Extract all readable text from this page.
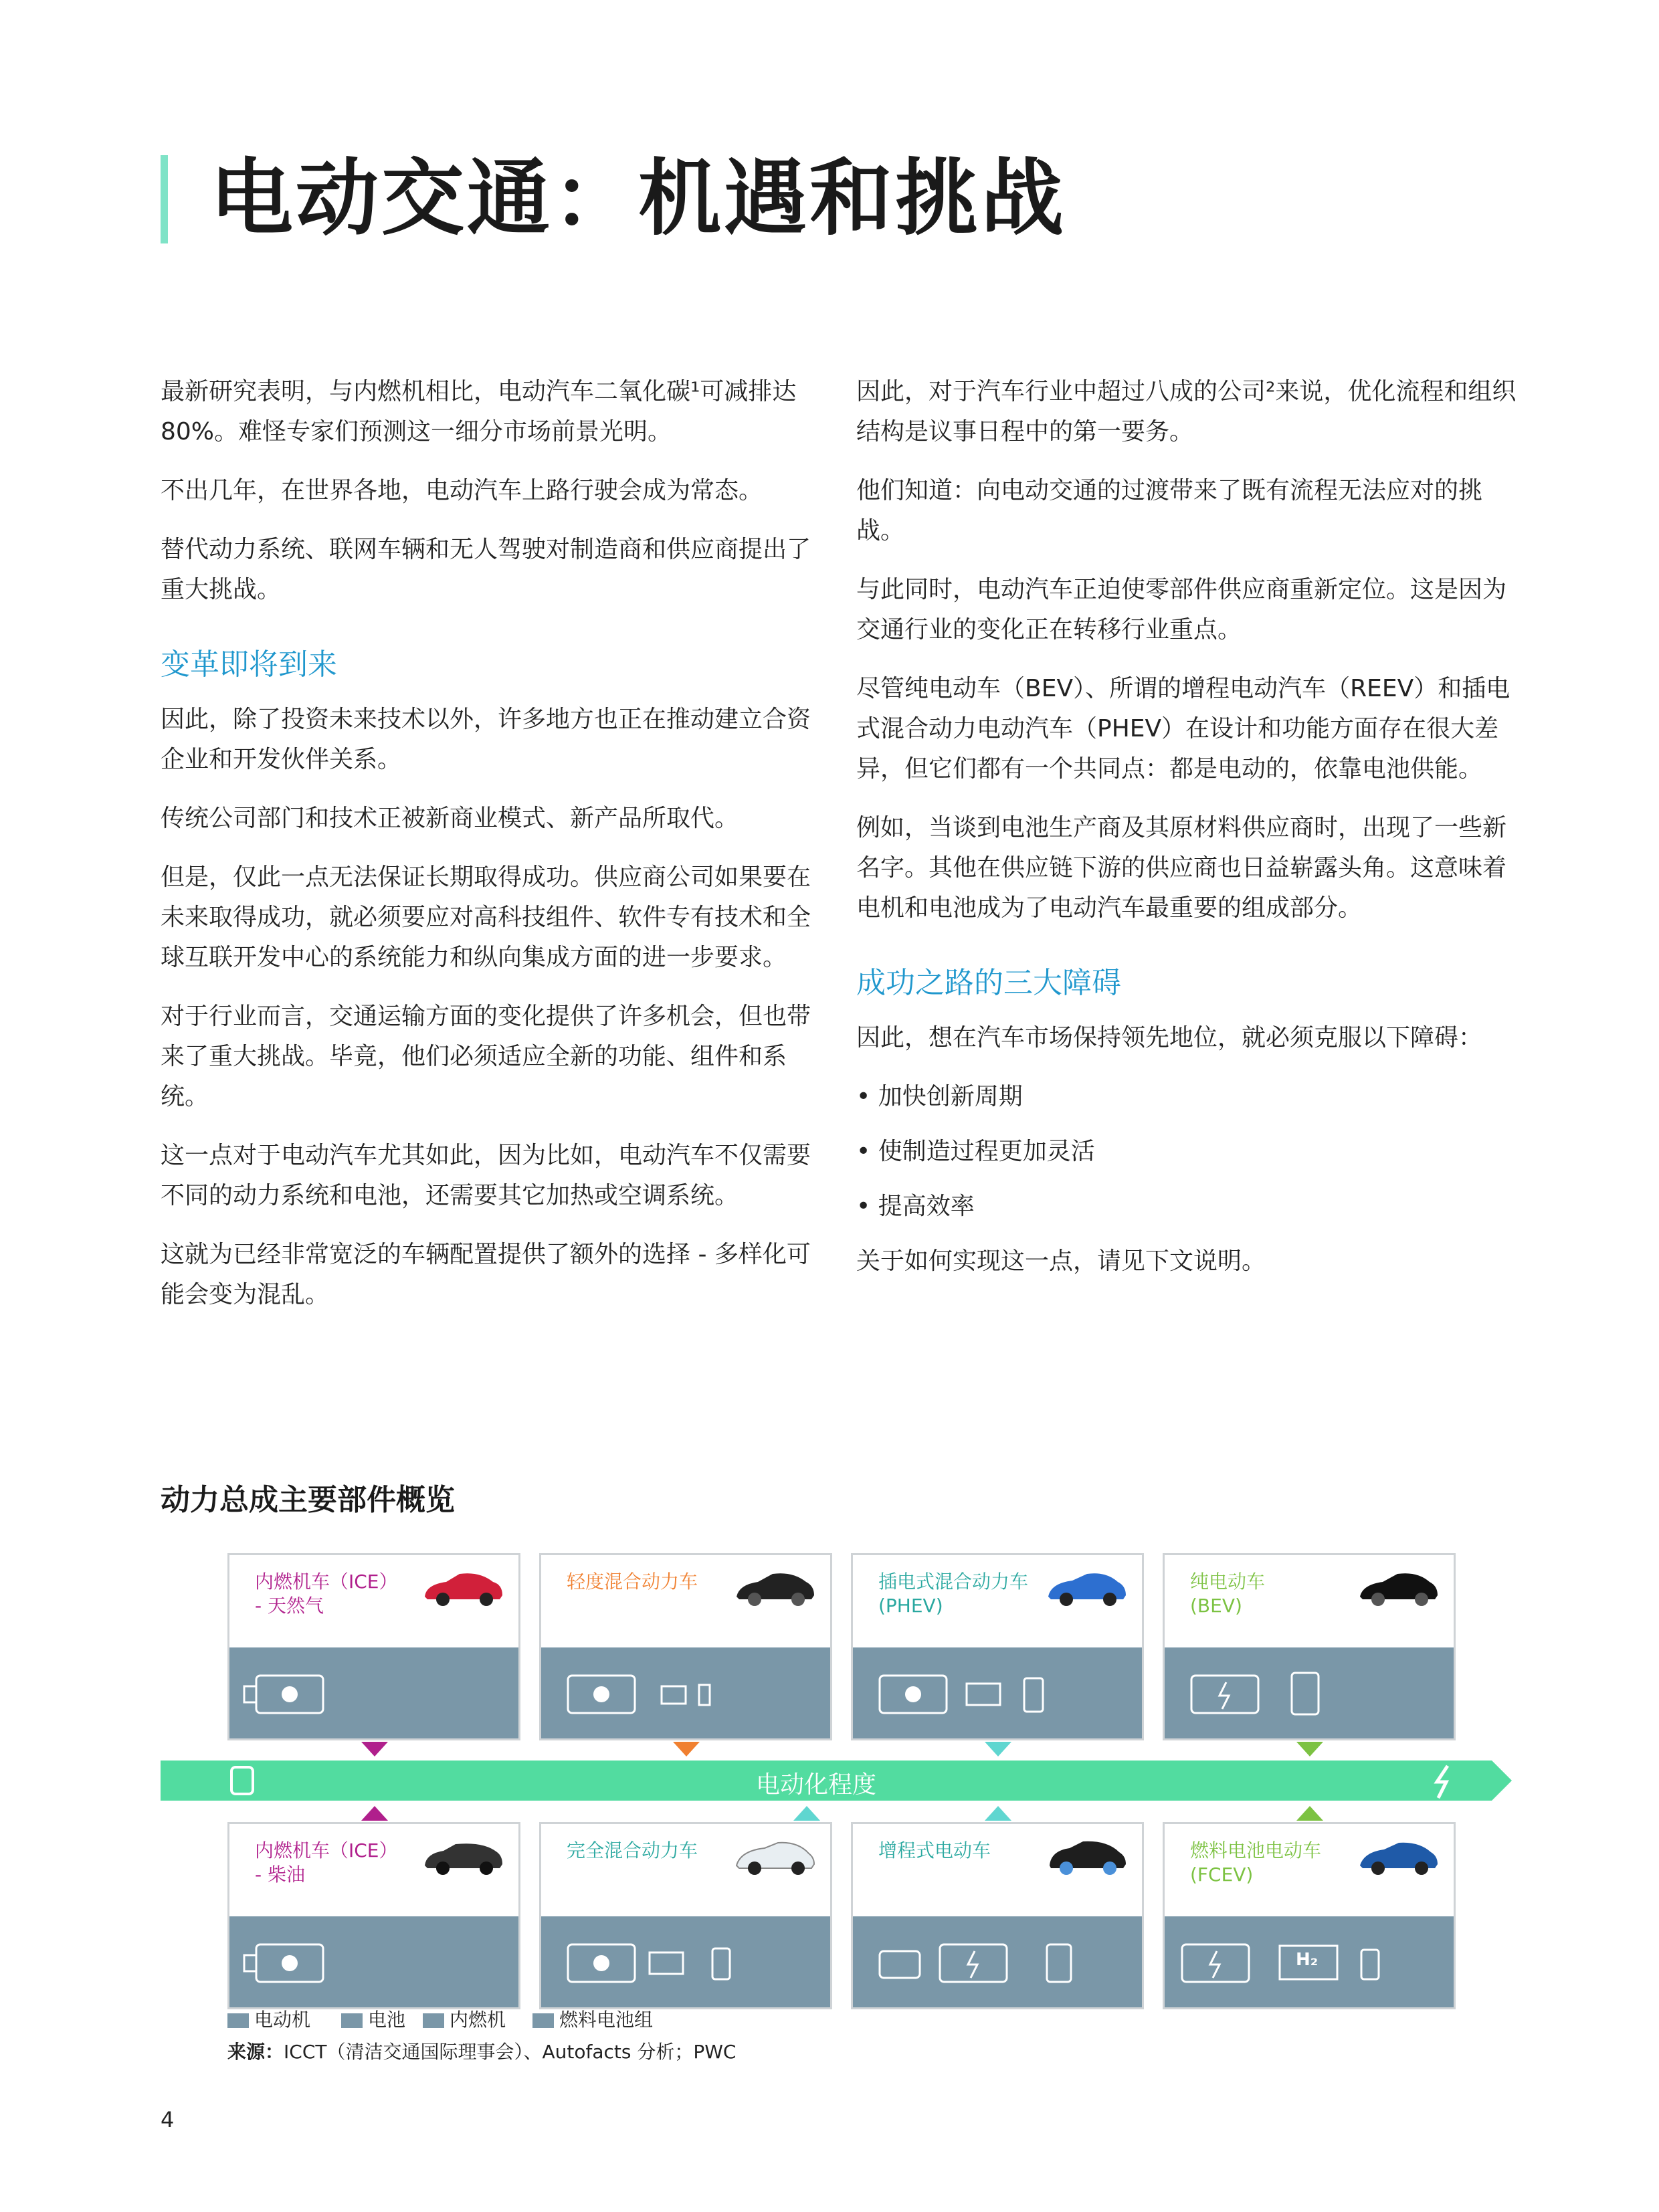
电动交通：机遇和挑战

最新研究表明，与内燃机相比，电动汽车二氧化碳¹可减排达 80%。难怪专家们预测这一细分市场前景光明。

不出几年，在世界各地，电动汽车上路行驶会成为常态。

替代动力系统、联网车辆和无人驾驶对制造商和供应商提出了重大挑战。

变革即将到来

因此，除了投资未来技术以外，许多地方也正在推动建立合资企业和开发伙伴关系。

传统公司部门和技术正被新商业模式、新产品所取代。

但是，仅此一点无法保证长期取得成功。供应商公司如果要在未来取得成功，就必须要应对高科技组件、软件专有技术和全球互联开发中心的系统能力和纵向集成方面的进一步要求。

对于行业而言，交通运输方面的变化提供了许多机会，但也带来了重大挑战。毕竟，他们必须适应全新的功能、组件和系统。

这一点对于电动汽车尤其如此，因为比如，电动汽车不仅需要不同的动力系统和电池，还需要其它加热或空调系统。

这就为已经非常宽泛的车辆配置提供了额外的选择 - 多样化可能会变为混乱。

因此，对于汽车行业中超过八成的公司²来说，优化流程和组织结构是议事日程中的第一要务。

他们知道：向电动交通的过渡带来了既有流程无法应对的挑战。

与此同时，电动汽车正迫使零部件供应商重新定位。这是因为交通行业的变化正在转移行业重点。

尽管纯电动车（BEV）、所谓的增程电动汽车（REEV）和插电式混合动力电动汽车（PHEV）在设计和功能方面存在很大差异，但它们都有一个共同点：都是电动的，依靠电池供能。

例如，当谈到电池生产商及其原材料供应商时，出现了一些新名字。其他在供应链下游的供应商也日益崭露头角。这意味着电机和电池成为了电动汽车最重要的组成部分。

成功之路的三大障碍

因此，想在汽车市场保持领先地位，就必须克服以下障碍：

• 加快创新周期
• 使制造过程更加灵活
• 提高效率

关于如何实现这一点，请见下文说明。

动力总成主要部件概览
内燃机车（ICE）
- 天然气
轻度混合动力车	插电式混合动力车
(PHEV)
纯电动车
(BEV)
电动化程度
内燃机车（ICE）
- 柴油
完全混合动力车	增程式电动车	燃料电池电动车
(FCEV)
H₂
电动机	电池	内燃机	燃料电池组
来源：ICCT（清洁交通国际理事会）、Autofacts 分析；PWC
4
